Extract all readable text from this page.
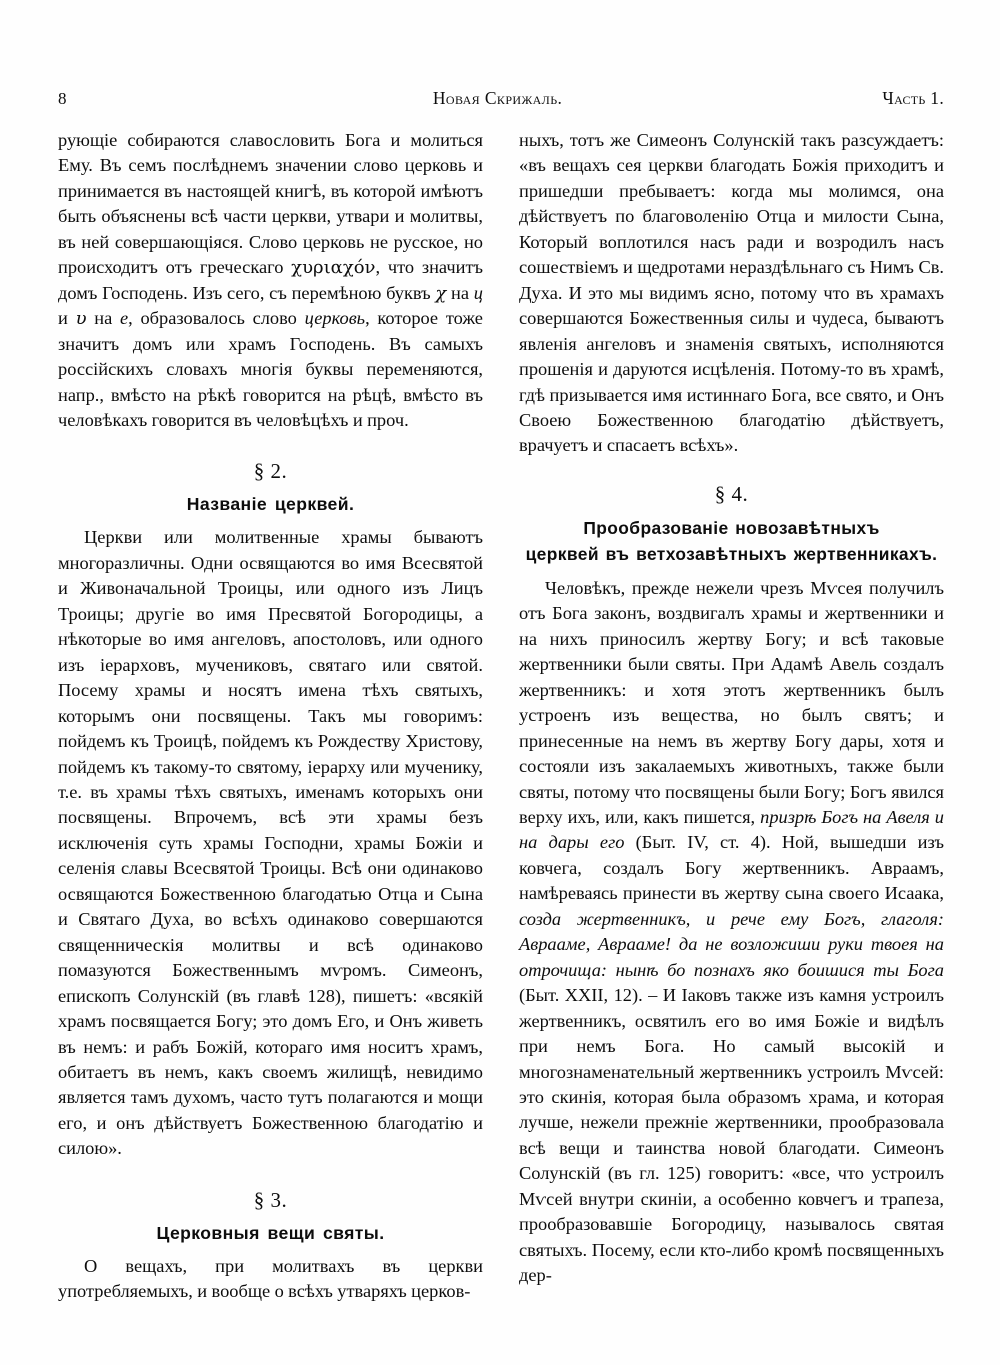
8	Новая Скрижаль.	Часть 1.

рующіе собираются славословить Бога и молиться Ему. Въ семъ послѣднемъ значении слово церковь и принимается въ настоящей книгѣ, въ которой имѣютъ быть объяснены всѣ части церкви, утвари и молитвы, въ ней совершающіяся. Слово церковь не русское, но происходитъ отъ греческаго χυριαχόν, что значитъ домъ Господень. Изъ сего, съ перемѣною буквъ χ на ц и υ на е, образовалось слово церковь, которое тоже значитъ домъ или храмъ Господень. Въ самыхъ россійскихъ словахъ многія буквы переменяются, напр., вмѣсто на рѣкѣ говорится на рѣцѣ, вмѣсто въ человѣкахъ говорится въ человѣцѣхъ и проч.

§ 2.
Названіе церквей.

Церкви или молитвенные храмы бываютъ многоразличны. Одни освящаются во имя Всесвятой и Живоначальной Троицы, или одного изъ Лицъ Троицы; другіе во имя Пресвятой Богородицы, а нѣкоторые во имя ангеловъ, апостоловъ, или одного изъ іерарховъ, мучениковъ, святаго или святой. Посему храмы и носятъ имена тѣхъ святыхъ, которымъ они посвящены. Такъ мы говоримъ: пойдемъ къ Троицѣ, пойдемъ къ Рождеству Христову, пойдемъ къ такому-то святому, іерарху или мученику, т.е. въ храмы тѣхъ святыхъ, именамъ которыхъ они посвящены. Впрочемъ, всѣ эти храмы безъ исключенія суть храмы Господни, храмы Божіи и селенія славы Всесвятой Троицы. Всѣ они одинаково освящаются Божественною благодатью Отца и Сына и Святаго Духа, во всѣхъ одинаково совершаются священническія молитвы и всѣ одинаково помазуются Божественнымъ мѵромъ. Симеонъ, епископъ Солунскій (въ главѣ 128), пишетъ: «всякій храмъ посвящается Богу; это домъ Его, и Онъ живеть въ немъ: и рабъ Божій, котораго имя носитъ храмъ, обитаетъ въ немъ, какъ своемъ жилищѣ, невидимо является тамъ духомъ, часто тутъ полагаются и мощи его, и онъ дѣйствуетъ Божественною благодатію и силою».

§ 3.
Церковныя вещи святы.

О вещахъ, при молитвахъ въ церкви употребляемыхъ, и вообще о всѣхъ утваряхъ церков-

ныхъ, тотъ же Симеонъ Солунскій такъ разсуждаетъ: «въ вещахъ сея церкви благодать Божія приходитъ и пришедши пребываетъ: когда мы молимся, она дѣйствуетъ по благоволенію Отца и милости Сына, Который воплотился насъ ради и возродилъ насъ сошествіемъ и щедротами нераздѣльнаго съ Нимъ Св. Духа. И это мы видимъ ясно, потому что въ храмахъ совершаются Божественныя силы и чудеса, бываютъ явленія ангеловъ и знаменія святыхъ, исполняются прошенія и даруются исцѣленія. Потому-то въ храмѣ, гдѣ призывается имя истиннаго Бога, все свято, и Онъ Своею Божественною благодатію дѣйствуетъ, врачуетъ и спасаетъ всѣхъ».

§ 4.
Прообразованіе новозавѣтныхъ
церквей въ ветхозавѣтныхъ жертвенникахъ.

Человѣкъ, прежде нежели чрезъ Мѵсея получилъ отъ Бога законъ, воздвигалъ храмы и жертвенники и на нихъ приносилъ жертву Богу; и всѣ таковые жертвенники были святы. При Адамѣ Авель создалъ жертвенникъ: и хотя этотъ жертвенникъ былъ устроенъ изъ вещества, но былъ святъ; и принесенные на немъ въ жертву Богу дары, хотя и состояли изъ закалаемыхъ животныхъ, также были святы, потому что посвящены были Богу; Богъ явился верху ихъ, или, какъ пишется, призрѣ Богъ на Авеля и на дары его (Быт. IV, ст. 4). Ной, вышедши изъ ковчега, создалъ Богу жертвенникъ. Авраамъ, намѣреваясь принести въ жертву сына своего Исаака, созда жертвенникъ, и рече ему Богъ, глаголя: Аврааме, Аврааме! да не возложиши руки твоея на отрочища: нынѣ бо познахъ яко боишися ты Бога (Быт. XXII, 12). – И Іаковъ также изъ камня устроилъ жертвенникъ, освятилъ его во имя Божіе и видѣлъ при немъ Бога. Но самый высокій и многознаменательный жертвенникъ устроилъ Мѵсей: это скинія, которая была образомъ храма, и которая лучше, нежели прежніе жертвенники, прообразовала всѣ вещи и таинства новой благодати. Симеонъ Солунскій (въ гл. 125) говоритъ: «все, что устроилъ Мѵсей внутри скиніи, а особенно ковчегъ и трапеза, прообразовавшіе Богородицу, называлось святая святыхъ. Посему, если кто-либо кромѣ посвященныхъ дер-
